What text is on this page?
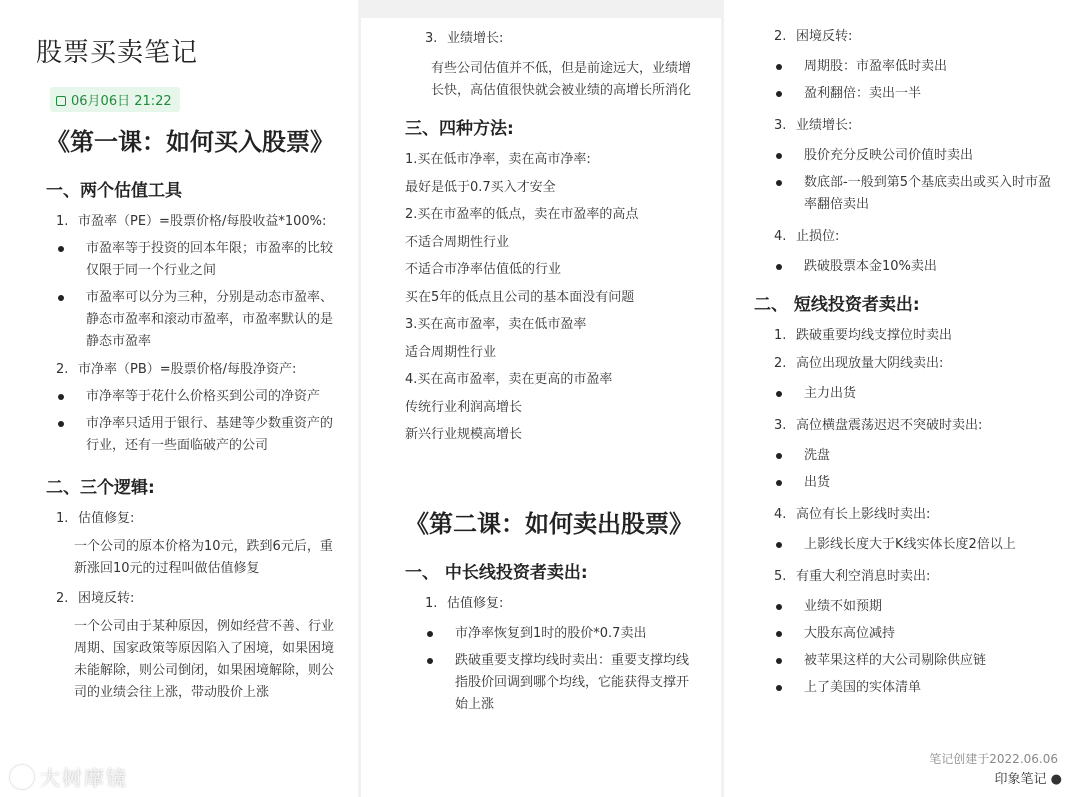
股票买卖笔记
06月06日 21:22
《第一课：如何买入股票》
一、两个估值工具
1. 市盈率（PE）=股票价格/每股收益*100%:
市盈率等于投资的回本年限；市盈率的比较仅限于同一个行业之间
市盈率可以分为三种，分别是动态市盈率、静态市盈率和滚动市盈率，市盈率默认的是静态市盈率
2. 市净率（PB）=股票价格/每股净资产:
市净率等于花什么价格买到公司的净资产
市净率只适用于银行、基建等少数重资产的行业，还有一些面临破产的公司
二、三个逻辑:
1. 估值修复:

一个公司的原本价格为10元，跌到6元后，重新涨回10元的过程叫做估值修复

2. 困境反转:

一个公司由于某种原因，例如经营不善、行业周期、国家政策等原因陷入了困境，如果困境未能解除，则公司倒闭，如果困境解除，则公司的业绩会往上涨，带动股价上涨

大树摩镜
3. 业绩增长:

有些公司估值并不低，但是前途远大，业绩增长快，高估值很快就会被业绩的高增长所消化

三、四种方法:
1.买在低市净率，卖在高市净率:
最好是低于0.7买入才安全
2.买在市盈率的低点，卖在市盈率的高点
不适合周期性行业
不适合市净率估值低的行业
买在5年的低点且公司的基本面没有问题
3.买在高市盈率，卖在低市盈率
适合周期性行业
4.买在高市盈率，卖在更高的市盈率
传统行业利润高增长
新兴行业规模高增长
《第二课：如何卖出股票》
一、 中长线投资者卖出:
1. 估值修复:
市净率恢复到1时的股价*0.7卖出
跌破重要支撑均线时卖出：重要支撑均线指股价回调到哪个均线，它能获得支撑开始上涨
2. 困境反转:
周期股：市盈率低时卖出
盈利翻倍：卖出一半
3. 业绩增长:
股价充分反映公司价值时卖出
数底部-一般到第5个基底卖出或买入时市盈率翻倍卖出
4. 止损位:
跌破股票本金10%卖出
二、 短线投资者卖出:
1. 跌破重要均线支撑位时卖出
2. 高位出现放量大阴线卖出:
主力出货
3. 高位横盘震荡迟迟不突破时卖出:
洗盘
出货
4. 高位有长上影线时卖出:
上影线长度大于K线实体长度2倍以上
5. 有重大利空消息时卖出:
业绩不如预期
大股东高位减持
被苹果这样的大公司剔除供应链
上了美国的实体清单
笔记创建于2022.06.06
印象笔记 ●
